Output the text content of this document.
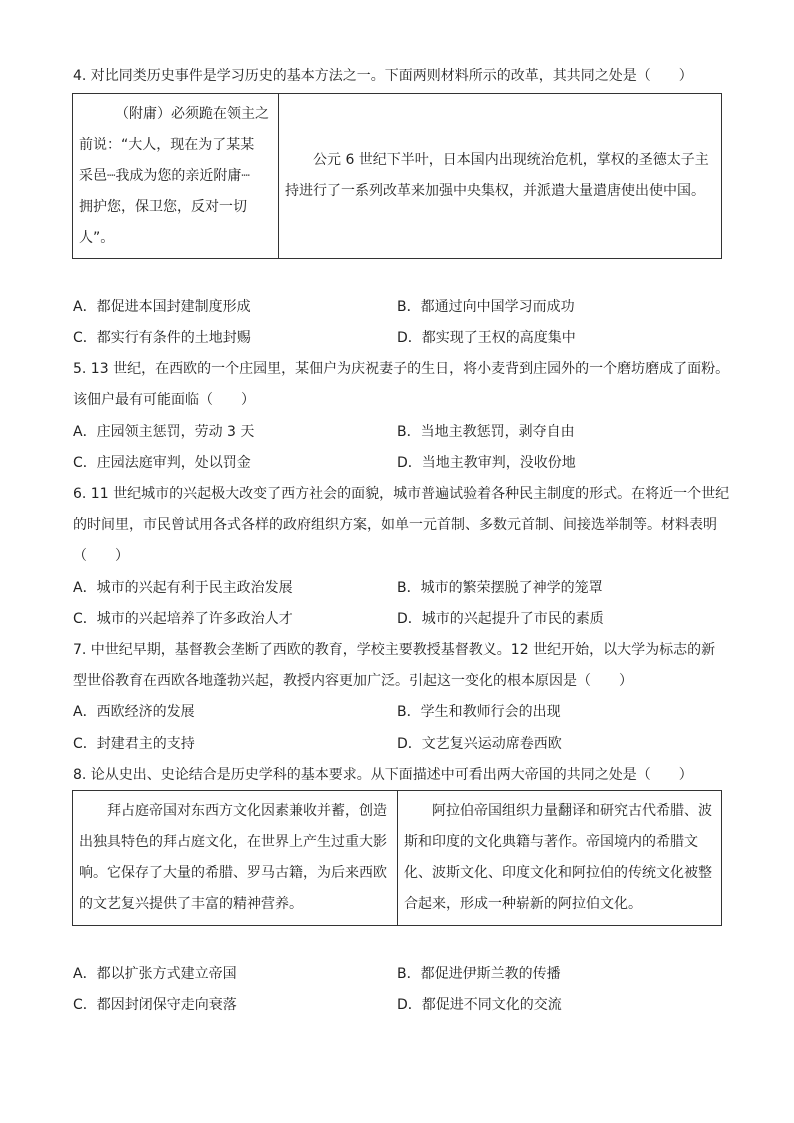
4. 对比同类历史事件是学习历史的基本方法之一。下面两则材料所示的改革，其共同之处是（　　）
（附庸）必须跪在领主之
前说：“大人，现在为了某某
采邑┈我成为您的亲近附庸┈
拥护您，保卫您，反对一切
人”。

公元 6 世纪下半叶，日本国内出现统治危机，掌权的圣德太子主
持进行了一系列改革来加强中央集权，并派遣大量遣唐使出使中国。
A．都促进本国封建制度形成	B．都通过向中国学习而成功
C．都实行有条件的土地封赐	D．都实现了王权的高度集中
5. 13 世纪，在西欧的一个庄园里，某佃户为庆祝妻子的生日，将小麦背到庄园外的一个磨坊磨成了面粉。
该佃户最有可能面临（　　）
A．庄园领主惩罚，劳动 3 天	B．当地主教惩罚，剥夺自由
C．庄园法庭审判，处以罚金	D．当地主教审判，没收份地
6. 11 世纪城市的兴起极大改变了西方社会的面貌，城市普遍试验着各种民主制度的形式。在将近一个世纪
的时间里，市民曾试用各式各样的政府组织方案，如单一元首制、多数元首制、间接选举制等。材料表明
（　　）
A．城市的兴起有利于民主政治发展	B．城市的繁荣摆脱了神学的笼罩
C．城市的兴起培养了许多政治人才	D．城市的兴起提升了市民的素质
7. 中世纪早期，基督教会垄断了西欧的教育，学校主要教授基督教义。12 世纪开始，以大学为标志的新
型世俗教育在西欧各地蓬勃兴起，教授内容更加广泛。引起这一变化的根本原因是（　　）
A．西欧经济的发展	B．学生和教师行会的出现
C．封建君主的支持	D．文艺复兴运动席卷西欧
8. 论从史出、史论结合是历史学科的基本要求。从下面描述中可看出两大帝国的共同之处是（　　）
拜占庭帝国对东西方文化因素兼收并蓄，创造
出独具特色的拜占庭文化，在世界上产生过重大影
响。它保存了大量的希腊、罗马古籍，为后来西欧
的文艺复兴提供了丰富的精神营养。

阿拉伯帝国组织力量翻译和研究古代希腊、波
斯和印度的文化典籍与著作。帝国境内的希腊文
化、波斯文化、印度文化和阿拉伯的传统文化被整
合起来，形成一种崭新的阿拉伯文化。
A．都以扩张方式建立帝国	B．都促进伊斯兰教的传播
C．都因封闭保守走向衰落	D．都促进不同文化的交流
